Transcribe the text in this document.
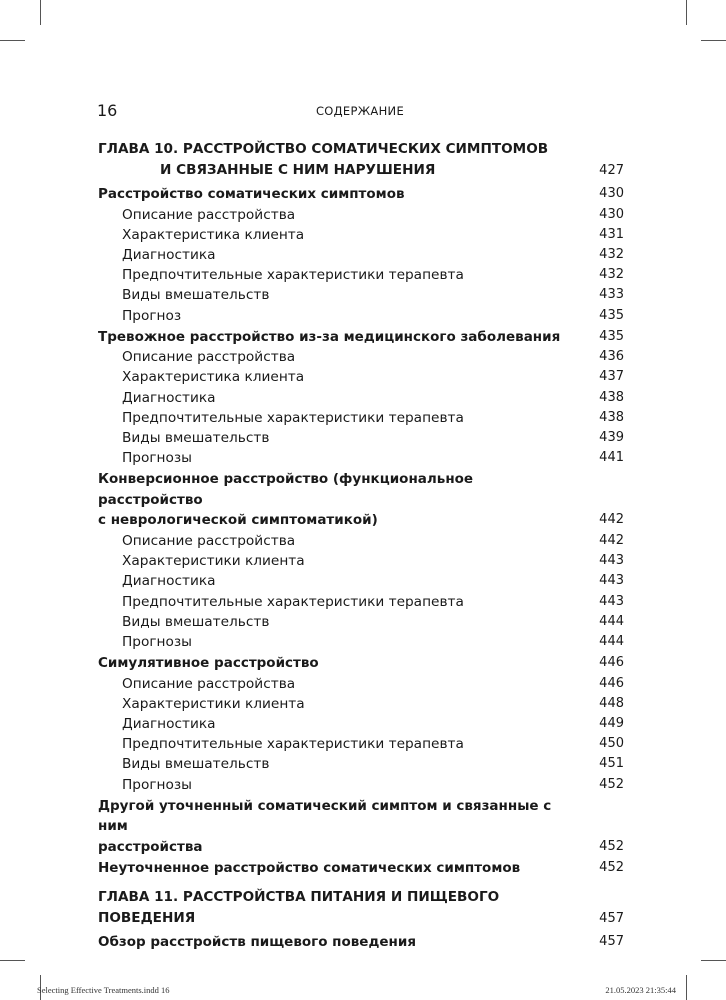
16	СОДЕРЖАНИЕ
ГЛАВА 10. РАССТРОЙСТВО СОМАТИЧЕСКИХ СИМПТОМОВ
И СВЯЗАННЫЕ С НИМ НАРУШЕНИЯ	427
Расстройство соматических симптомов	430
Описание расстройства	430
Характеристика клиента	431
Диагностика	432
Предпочтительные характеристики терапевта	432
Виды вмешательств	433
Прогноз	435
Тревожное расстройство из-за медицинского заболевания	435
Описание расстройства	436
Характеристика клиента	437
Диагностика	438
Предпочтительные характеристики терапевта	438
Виды вмешательств	439
Прогнозы	441
Конверсионное расстройство (функциональное расстройство
с неврологической симптоматикой)	442
Описание расстройства	442
Характеристики клиента	443
Диагностика	443
Предпочтительные характеристики терапевта	443
Виды вмешательств	444
Прогнозы	444
Симулятивное расстройство	446
Описание расстройства	446
Характеристики клиента	448
Диагностика	449
Предпочтительные характеристики терапевта	450
Виды вмешательств	451
Прогнозы	452
Другой уточненный соматический симптом и связанные с ним
расстройства	452
Неуточненное расстройство соматических симптомов	452
ГЛАВА 11. РАССТРОЙСТВА ПИТАНИЯ И ПИЩЕВОГО ПОВЕДЕНИЯ	457
Обзор расстройств пищевого поведения	457
Selecting Effective Treatments.indd 16	21.05.2023 21:35:44
